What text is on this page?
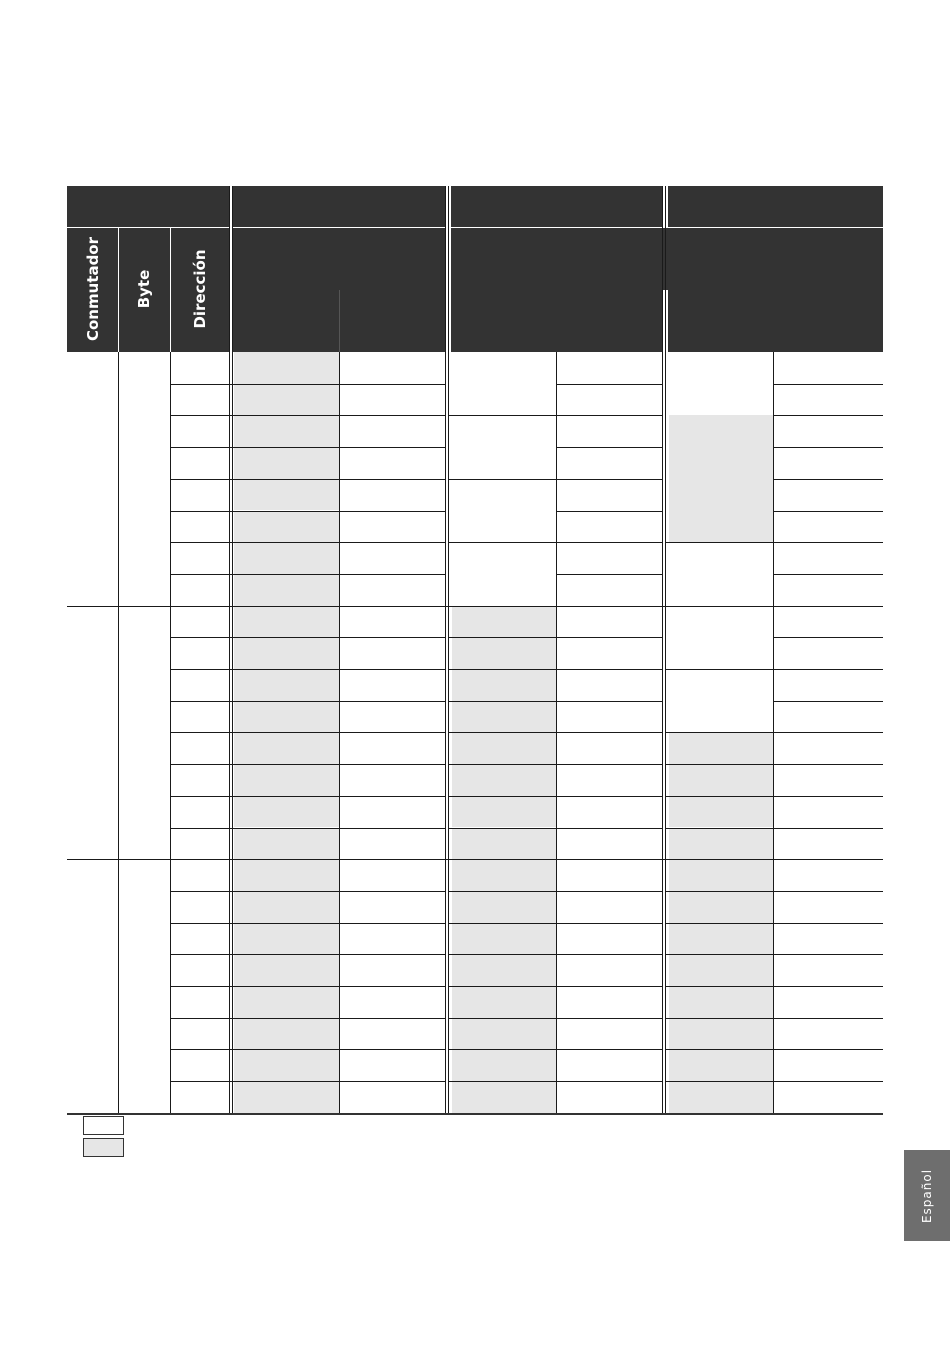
Conmutador Byte	Dirección
Español
